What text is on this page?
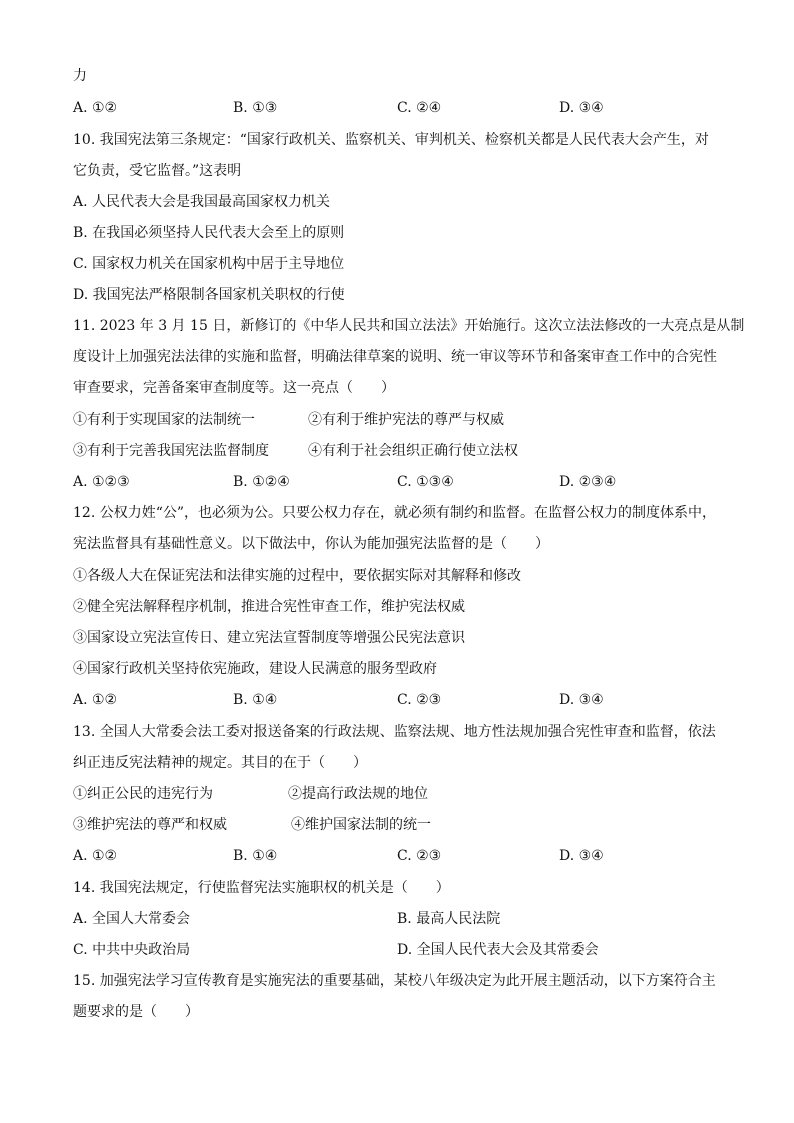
力
A. ①②	B. ①③	C. ②④	D. ③④
10. 我国宪法第三条规定：“国家行政机关、监察机关、审判机关、检察机关都是人民代表大会产生，对
它负责，受它监督。”这表明
A. 人民代表大会是我国最高国家权力机关
B. 在我国必须坚持人民代表大会至上的原则
C. 国家权力机关在国家机构中居于主导地位
D. 我国宪法严格限制各国家机关职权的行使
11. 2023 年 3 月 15 日，新修订的《中华人民共和国立法法》开始施行。这次立法法修改的一大亮点是从制
度设计上加强宪法法律的实施和监督，明确法律草案的说明、统一审议等环节和备案审查工作中的合宪性
审查要求，完善备案审查制度等。这一亮点（　　）
①有利于实现国家的法制统一	②有利于维护宪法的尊严与权威
③有利于完善我国宪法监督制度	④有利于社会组织正确行使立法权
A. ①②③	B. ①②④	C. ①③④	D. ②③④
12. 公权力姓“公”，也必须为公。只要公权力存在，就必须有制约和监督。在监督公权力的制度体系中，
宪法监督具有基础性意义。以下做法中，你认为能加强宪法监督的是（　　）
①各级人大在保证宪法和法律实施的过程中，要依据实际对其解释和修改
②健全宪法解释程序机制，推进合宪性审查工作，维护宪法权威
③国家设立宪法宣传日、建立宪法宣誓制度等增强公民宪法意识
④国家行政机关坚持依宪施政，建设人民满意的服务型政府
A. ①②	B. ①④	C. ②③	D. ③④
13. 全国人大常委会法工委对报送备案的行政法规、监察法规、地方性法规加强合宪性审查和监督，依法
纠正违反宪法精神的规定。其目的在于（　　）
①纠正公民的违宪行为	②提高行政法规的地位
③维护宪法的尊严和权威	④维护国家法制的统一
A. ①②	B. ①④	C. ②③	D. ③④
14. 我国宪法规定，行使监督宪法实施职权的机关是（　　）
A. 全国人大常委会	B. 最高人民法院
C. 中共中央政治局	D. 全国人民代表大会及其常委会
15. 加强宪法学习宣传教育是实施宪法的重要基础，某校八年级决定为此开展主题活动，以下方案符合主
题要求的是（　　）
